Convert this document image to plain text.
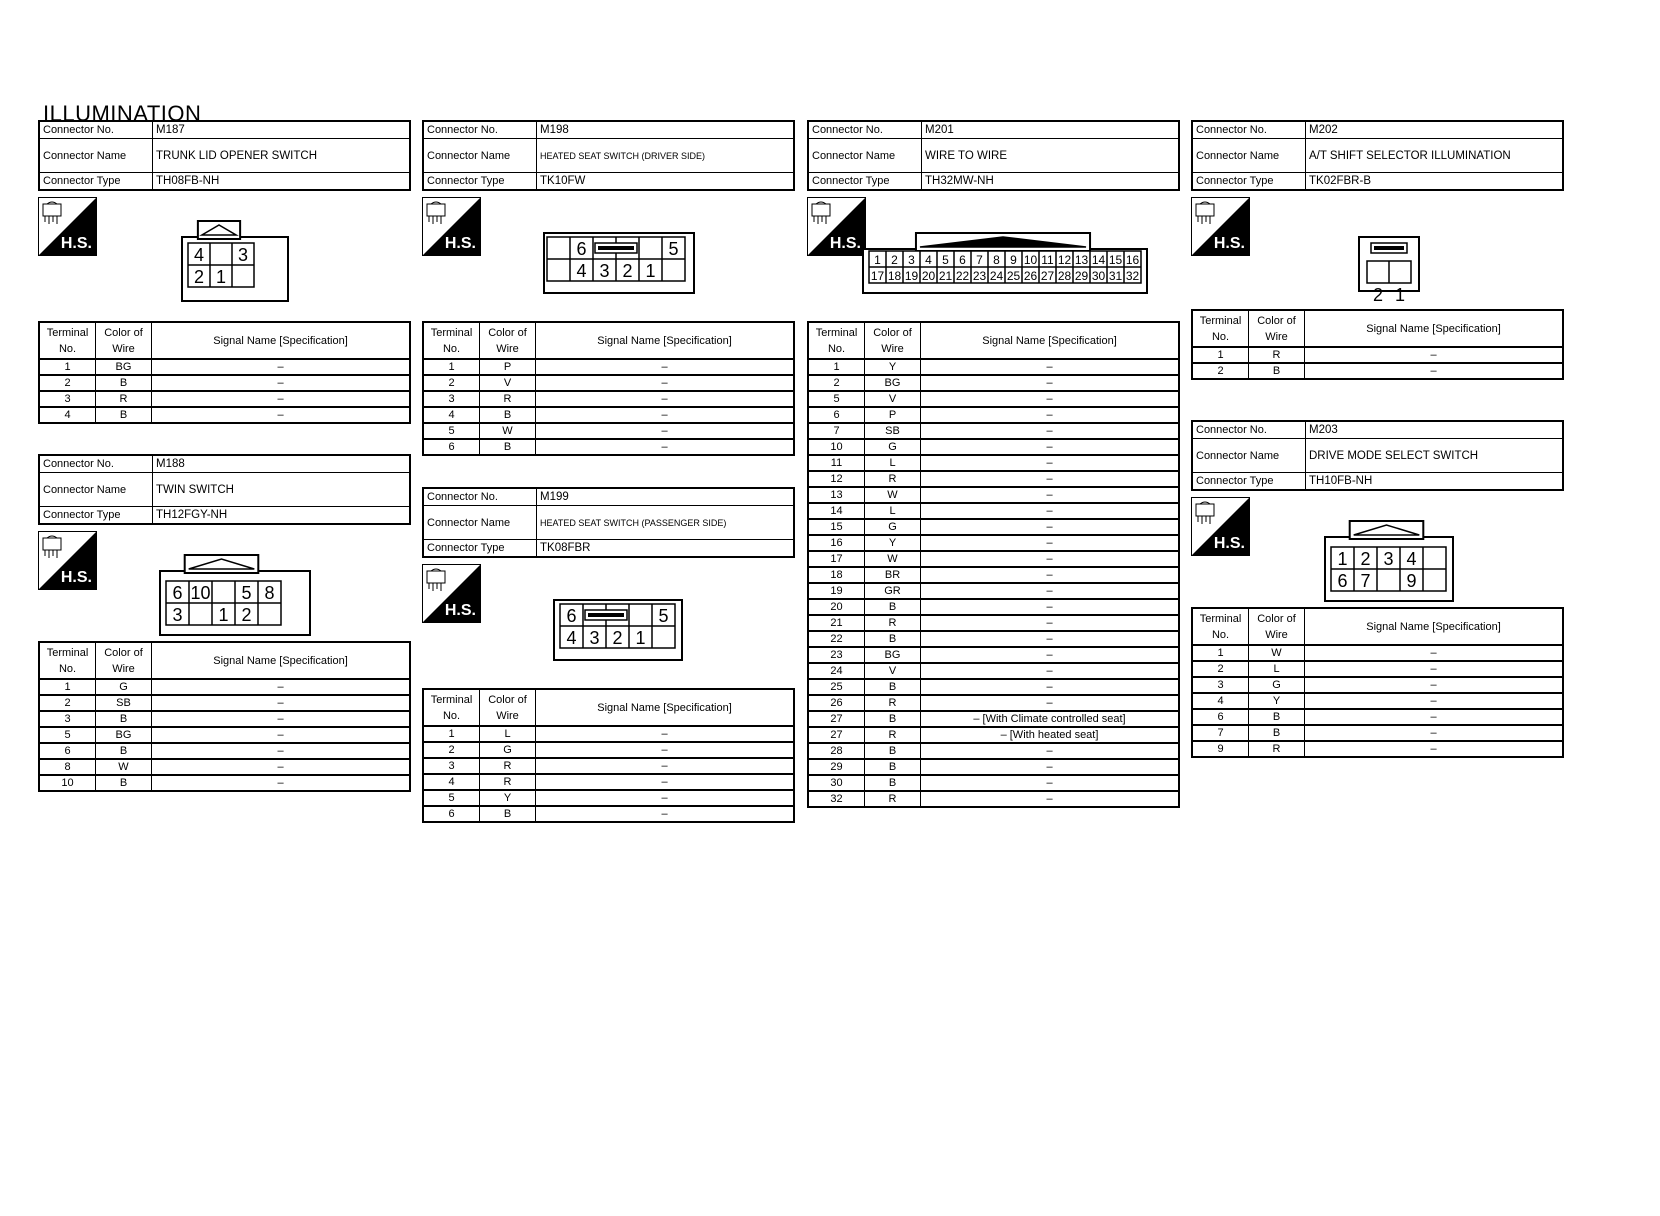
ILLUMINATION
Connector No.	M187
Connector Name	TRUNK LID OPENER SWITCH
Connector Type	TH08FB-NH
H.S.
4 3
2 1
Terminal No.	Color of Wire	Signal Name [Specification]
1	BG	–
2	B	–
3	R	–
4	B	–
Connector No.	M188
Connector Name	TWIN SWITCH
Connector Type	TH12FGY-NH
H.S.
6 10 5 8
3 1 2
Terminal No.	Color of Wire	Signal Name [Specification]
1	G	–
2	SB	–
3	B	–
5	BG	–
6	B	–
8	W	–
10	B	–
Connector No.	M198
Connector Name	HEATED SEAT SWITCH (DRIVER SIDE)
Connector Type	TK10FW
H.S.	6	5
4 3 2 1
Terminal No.	Color of Wire	Signal Name [Specification]
1	P	–
2	V	–
3	R	–
4	B	–
5	W	–
6	B	–
Connector No.	M199
Connector Name	HEATED SEAT SWITCH (PASSENGER SIDE)
Connector Type	TK08FBR
H.S.	6	5
4 3 2 1
Terminal No.	Color of Wire	Signal Name [Specification]
1	L	–
2	G	–
3	R	–
4	R	–
5	Y	–
6	B	–
Connector No.	M201
Connector Name	WIRE TO WIRE
Connector Type	TH32MW-NH
H.S.
1 2 3 4 5 6 7 8 9 10 11 12 13 14 15 16
17 18 19 20 21 22 23 24 25 26 27 28 29 30 31 32
Terminal No.	Color of Wire	Signal Name [Specification]
1	Y	–
2	BG	–
5	V	–
6	P	–
7	SB	–
10	G	–
11	L	–
12	R	–
13	W	–
14	L	–
15	G	–
16	Y	–
17	W	–
18	BR	–
19	GR	–
20	B	–
21	R	–
22	B	–
23	BG	–
24	V	–
25	B	–
26	R	–
27	B	– [With Climate controlled seat]
27	R	– [With heated seat]
28	B	–
29	B	–
30	B	–
32	R	–
Connector No.	M202
Connector Name	A/T SHIFT SELECTOR ILLUMINATION
Connector Type	TK02FBR-B
H.S.
2 1
Terminal No.	Color of Wire	Signal Name [Specification]
1	R	–
2	B	–
Connector No.	M203
Connector Name	DRIVE MODE SELECT SWITCH
Connector Type	TH10FB-NH
H.S.
1 2 3 4
6 7 9
Terminal No.	Color of Wire	Signal Name [Specification]
1	W	–
2	L	–
3	G	–
4	Y	–
6	B	–
7	B	–
9	R	–
